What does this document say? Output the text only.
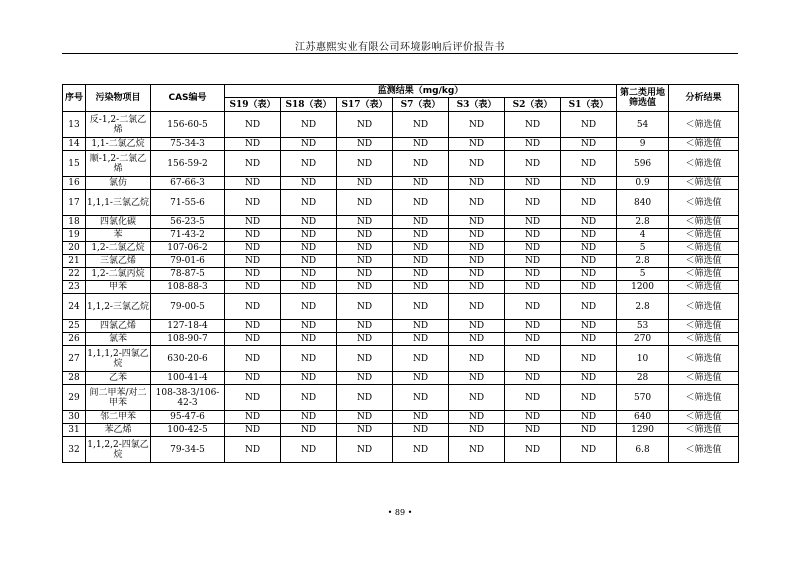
江苏惠熙实业有限公司环境影响后评价报告书
序号	污染物项目	CAS编号	监测结果（mg/kg）							第二类用地筛选值	分析结果
			S19（表）	S18（表）	S17（表）	S7（表）	S3（表）	S2（表）	S1（表）		
13	反-1,2-二氯乙烯	156-60-5	ND	ND	ND	ND	ND	ND	ND	54	＜筛选值
14	1,1-二氯乙烷	75-34-3	ND	ND	ND	ND	ND	ND	ND	9	＜筛选值
15	顺-1,2-二氯乙烯	156-59-2	ND	ND	ND	ND	ND	ND	ND	596	＜筛选值
16	氯仿	67-66-3	ND	ND	ND	ND	ND	ND	ND	0.9	＜筛选值
17	1,1,1-三氯乙烷	71-55-6	ND	ND	ND	ND	ND	ND	ND	840	＜筛选值
18	四氯化碳	56-23-5	ND	ND	ND	ND	ND	ND	ND	2.8	＜筛选值
19	苯	71-43-2	ND	ND	ND	ND	ND	ND	ND	4	＜筛选值
20	1,2-二氯乙烷	107-06-2	ND	ND	ND	ND	ND	ND	ND	5	＜筛选值
21	三氯乙烯	79-01-6	ND	ND	ND	ND	ND	ND	ND	2.8	＜筛选值
22	1,2-二氯丙烷	78-87-5	ND	ND	ND	ND	ND	ND	ND	5	＜筛选值
23	甲苯	108-88-3	ND	ND	ND	ND	ND	ND	ND	1200	＜筛选值
24	1,1,2-三氯乙烷	79-00-5	ND	ND	ND	ND	ND	ND	ND	2.8	＜筛选值
25	四氯乙烯	127-18-4	ND	ND	ND	ND	ND	ND	ND	53	＜筛选值
26	氯苯	108-90-7	ND	ND	ND	ND	ND	ND	ND	270	＜筛选值
27	1,1,1,2-四氯乙烷	630-20-6	ND	ND	ND	ND	ND	ND	ND	10	＜筛选值
28	乙苯	100-41-4	ND	ND	ND	ND	ND	ND	ND	28	＜筛选值
29	间二甲苯/对二甲苯	108-38-3/106-42-3	ND	ND	ND	ND	ND	ND	ND	570	＜筛选值
30	邻二甲苯	95-47-6	ND	ND	ND	ND	ND	ND	ND	640	＜筛选值
31	苯乙烯	100-42-5	ND	ND	ND	ND	ND	ND	ND	1290	＜筛选值
32	1,1,2,2-四氯乙烷	79-34-5	ND	ND	ND	ND	ND	ND	ND	6.8	＜筛选值
• 89 •
